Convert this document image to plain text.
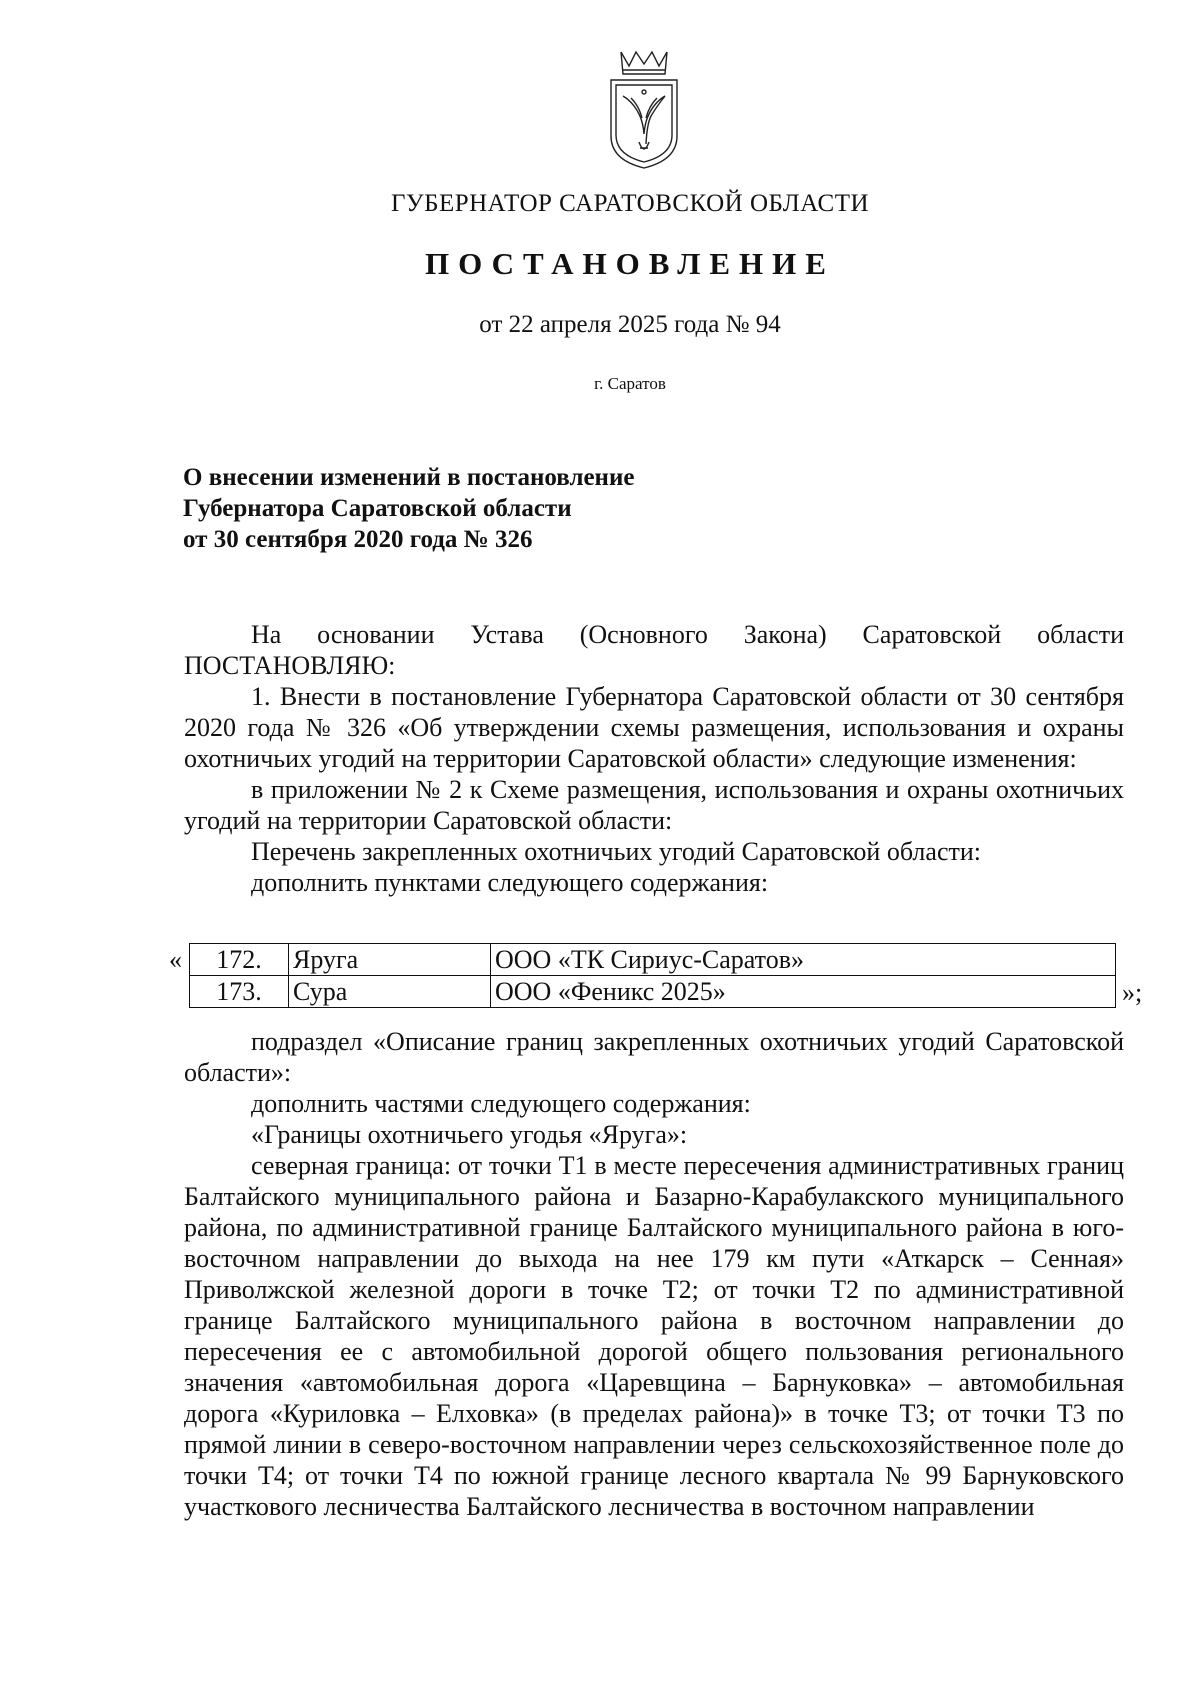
ГУБЕРНАТОР САРАТОВСКОЙ ОБЛАСТИ
ПОСТАНОВЛЕНИЕ
от 22 апреля 2025 года № 94
г. Саратов
О внесении изменений в постановление
Губернатора Саратовской области
от 30 сентября 2020 года № 326
На основании Устава (Основного Закона) Саратовской области ПОСТАНОВЛЯЮ:
1. Внести в постановление Губернатора Саратовской области от 30 сентября 2020 года № 326 «Об утверждении схемы размещения, использования и охраны охотничьих угодий на территории Саратовской области» следующие изменения:
в приложении № 2 к Схеме размещения, использования и охраны охотничьих угодий на территории Саратовской области:
Перечень закрепленных охотничьих угодий Саратовской области:
дополнить пунктами следующего содержания:
« 172.	Яруга	ООО «ТК Сириус-Саратов»
173.	Сура	ООО «Феникс 2025»	»;
подраздел «Описание границ закрепленных охотничьих угодий Саратовской области»:
дополнить частями следующего содержания:
«Границы охотничьего угодья «Яруга»:
северная граница: от точки Т1 в месте пересечения административных границ Балтайского муниципального района и Базарно-Карабулакского муниципального района, по административной границе Балтайского муниципального района в юго-восточном направлении до выхода на нее 179 км пути «Аткарск – Сенная» Приволжской железной дороги в точке Т2; от точки Т2 по административной границе Балтайского муниципального района в восточном направлении до пересечения ее с автомобильной дорогой общего пользования регионального значения «автомобильная дорога «Царевщина – Барнуковка» – автомобильная дорога «Куриловка – Елховка» (в пределах района)» в точке Т3; от точки Т3 по прямой линии в северо-восточном направлении через сельскохозяйственное поле до точки Т4; от точки Т4 по южной границе лесного квартала № 99 Барнуковского участкового лесничества Балтайского лесничества в восточном направлении
